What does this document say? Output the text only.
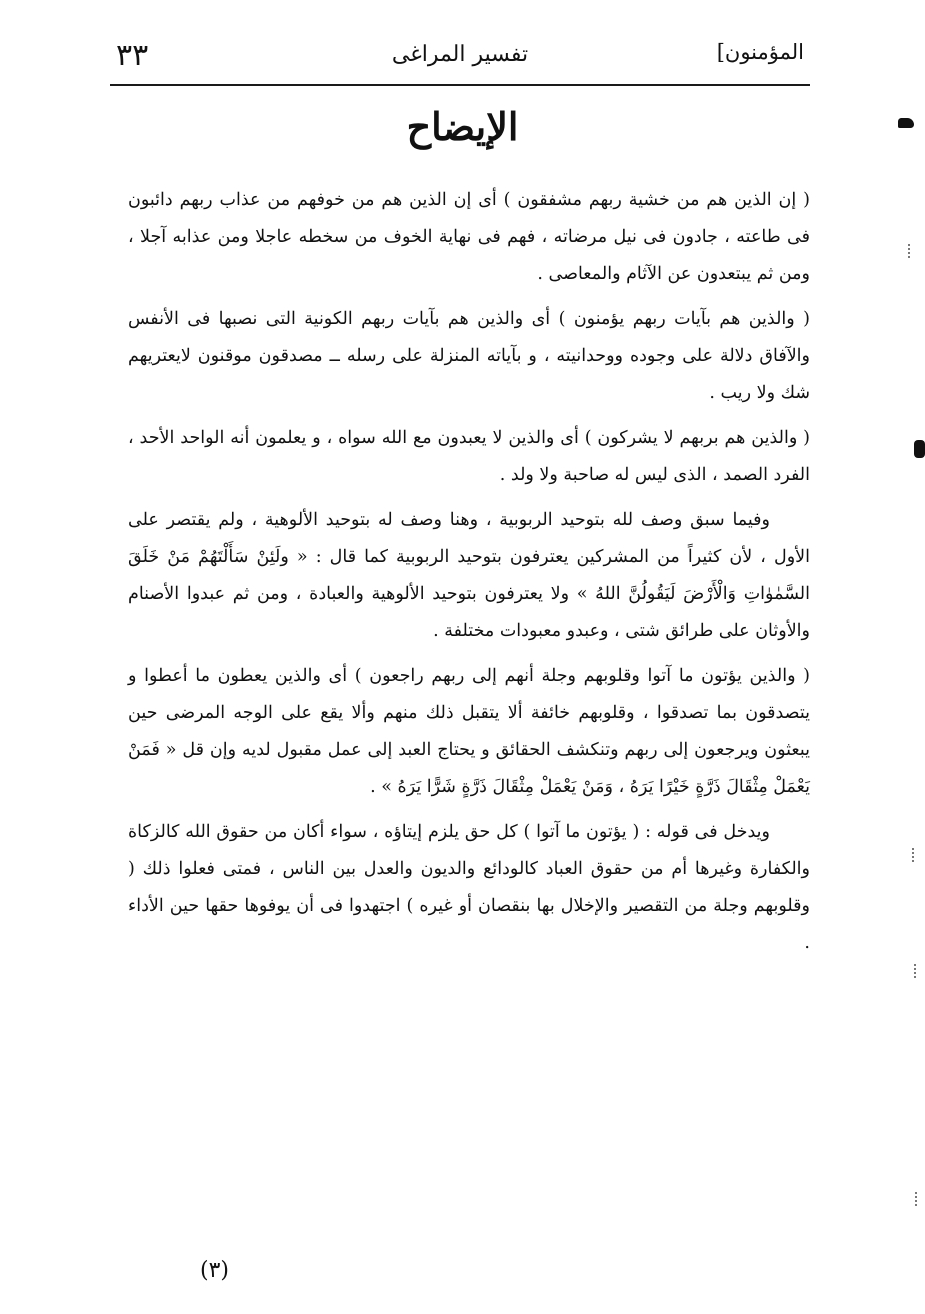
٣٣	تفسير المراغى	المؤمنون]
الإيضاح

( إن الذين هم من خشية ربهم مشفقون ) أى إن الذين هم من خوفهم من عذاب ربهم دائبون فى طاعته ، جادون فى نيل مرضاته ، فهم فى نهاية الخوف من سخطه عاجلا ومن عذابه آجلا ، ومن ثم يبتعدون عن الآثام والمعاصى .

( والذين هم بآيات ربهم يؤمنون ) أى والذين هم بآيات ربهم الكونية التى نصبها فى الأنفس والآفاق دلالة على وجوده ووحدانيته ، و بآياته المنزلة على رسله ــ مصدقون موقنون لايعتريهم شك ولا ريب .

( والذين هم بربهم لا يشركون ) أى والذين لا يعبدون مع الله سواه ، و يعلمون أنه الواحد الأحد ، الفرد الصمد ، الذى ليس له صاحبة ولا ولد .

وفيما سبق وصف لله بتوحيد الربوبية ، وهنا وصف له بتوحيد الألوهية ، ولم يقتصر على الأول ، لأن كثيراً من المشركين يعترفون بتوحيد الربوبية كما قال : « ولَئِنْ سَأَلْتَهُمْ مَنْ خَلَقَ السَّمٰوٰاتِ وَالْأَرْضَ لَيَقُولُنَّ اللهُ » ولا يعترفون بتوحيد الألوهية والعبادة ، ومن ثم عبدوا الأصنام والأوثان على طرائق شتى ، وعبدو معبودات مختلفة .

( والذين يؤتون ما آتوا وقلوبهم وجلة أنهم إلى ربهم راجعون ) أى والذين يعطون ما أعطوا و يتصدقون بما تصدقوا ، وقلوبهم خائفة ألا يتقبل ذلك منهم وألا يقع على الوجه المرضى حين يبعثون ويرجعون إلى ربهم وتنكشف الحقائق و يحتاج العبد إلى عمل مقبول لديه وإن قل « فَمَنْ يَعْمَلْ مِثْقَالَ ذَرَّةٍ خَيْرًا يَرَهُ ، وَمَنْ يَعْمَلْ مِثْقَالَ ذَرَّةٍ شَرًّا يَرَهُ » .

ويدخل فى قوله : ( يؤتون ما آتوا ) كل حق يلزم إيتاؤه ، سواء أكان من حقوق الله كالزكاة والكفارة وغيرها أم من حقوق العباد كالودائع والديون والعدل بين الناس ، فمتى فعلوا ذلك ( وقلوبهم وجلة من التقصير والإخلال بها بنقصان أو غيره ) اجتهدوا فى أن يوفوها حقها حين الأداء .

(٣)
